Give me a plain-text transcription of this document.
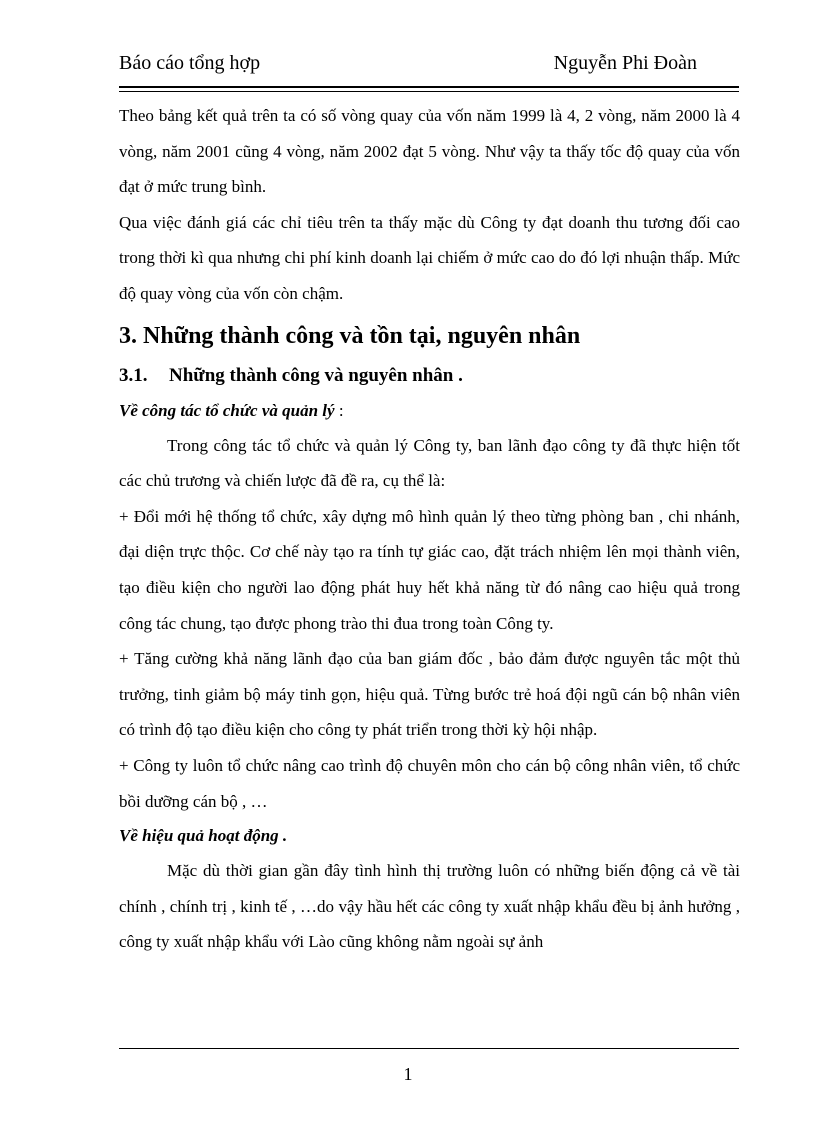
Báo cáo tổng hợp	Nguyễn Phi Đoàn

Theo bảng kết quả trên ta có số vòng quay của vốn năm 1999 là 4, 2 vòng, năm 2000 là 4 vòng, năm 2001 cũng 4 vòng, năm 2002 đạt 5 vòng. Như vậy ta thấy tốc độ quay của vốn đạt ở mức trung bình.

Qua việc đánh giá các chỉ tiêu trên ta thấy mặc dù Công ty đạt doanh thu tương đối cao trong thời kì qua nhưng chi phí kinh doanh lại chiếm ở mức cao do đó lợi nhuận thấp. Mức độ quay vòng của vốn còn chậm.

3. Những thành công và tồn tại, nguyên nhân
3.1. Những thành công và nguyên nhân .

Về công tác tổ chức và quản lý :

Trong công tác tổ chức và quản lý Công ty, ban lãnh đạo công ty đã thực hiện tốt các chủ trương và chiến lược đã đề ra, cụ thể là:

+ Đổi mới hệ thống tổ chức, xây dựng mô hình quản lý theo từng phòng ban , chi nhánh, đại diện trực thộc. Cơ chế này tạo ra tính tự giác cao, đặt trách nhiệm lên mọi thành viên, tạo điều kiện cho người lao động phát huy hết khả năng từ đó nâng cao hiệu quả trong công tác chung, tạo được phong trào thi đua trong toàn Công ty.

+ Tăng cường khả năng lãnh đạo của ban giám đốc , bảo đảm được nguyên tắc một thủ trưởng, tinh giảm bộ máy tinh gọn, hiệu quả. Từng bước trẻ hoá đội ngũ cán bộ nhân viên có trình độ tạo điều kiện cho công ty phát triển trong thời kỳ hội nhập.

+ Công ty luôn tổ chức nâng cao trình độ chuyên môn cho cán bộ công nhân viên, tổ chức bồi dưỡng cán bộ , …

Về hiệu quả hoạt động .

Mặc dù thời gian gần đây tình hình thị trường luôn có những biến động cả về tài chính , chính trị , kinh tế , …do vậy hầu hết các công ty xuất nhập khẩu đều bị ảnh hưởng , công ty xuất nhập khẩu với Lào cũng không nằm ngoài sự ảnh

1
